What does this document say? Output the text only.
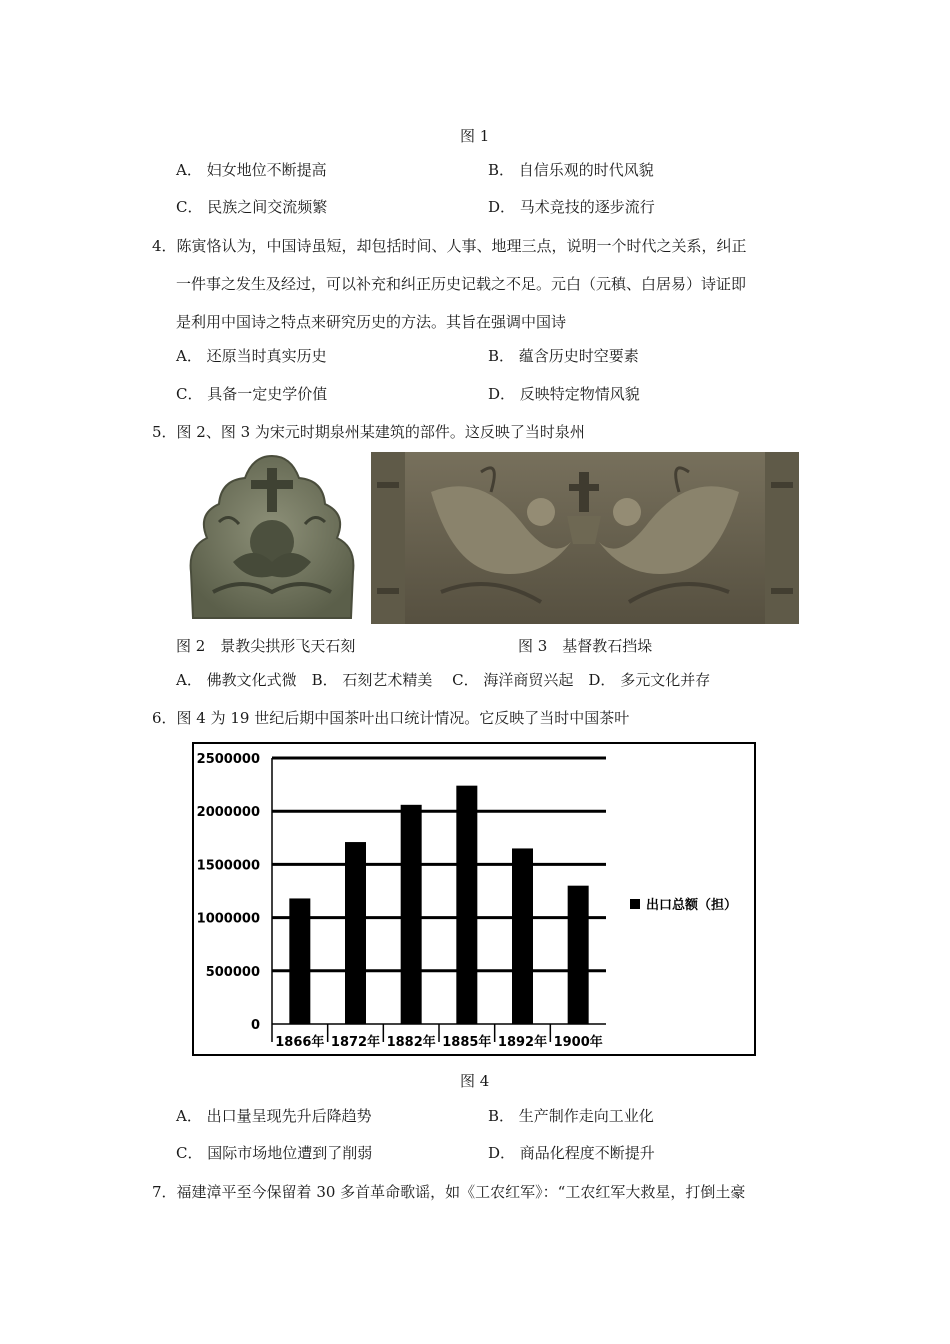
图 1
A． 妇女地位不断提高	B． 自信乐观的时代风貌
C． 民族之间交流频繁	D． 马术竞技的逐步流行
4．陈寅恪认为，中国诗虽短，却包括时间、人事、地理三点，说明一个时代之关系，纠正
一件事之发生及经过，可以补充和纠正历史记载之不足。元白（元稹、白居易）诗证即
是利用中国诗之特点来研究历史的方法。其旨在强调中国诗
A． 还原当时真实历史	B． 蕴含历史时空要素
C． 具备一定史学价值	D． 反映特定物情风貌
5．图 2、图 3 为宋元时期泉州某建筑的部件。这反映了当时泉州
图 2　景教尖拱形飞天石刻	图 3　基督教石挡垛
A． 佛教文化式微　B． 石刻艺术精美　 C． 海洋商贸兴起　D． 多元文化并存
6．图 4 为 19 世纪后期中国茶叶出口统计情况。它反映了当时中国茶叶
0
500000
1000000
1500000
2000000
2500000
1866年 1872年 1882年 1885年 1892年 1900年
出口总额（担）
图 4
A． 出口量呈现先升后降趋势	B． 生产制作走向工业化
C． 国际市场地位遭到了削弱	D． 商品化程度不断提升
7．福建漳平至今保留着 30 多首革命歌谣，如《工农红军》：“工农红军大救星，打倒土豪
